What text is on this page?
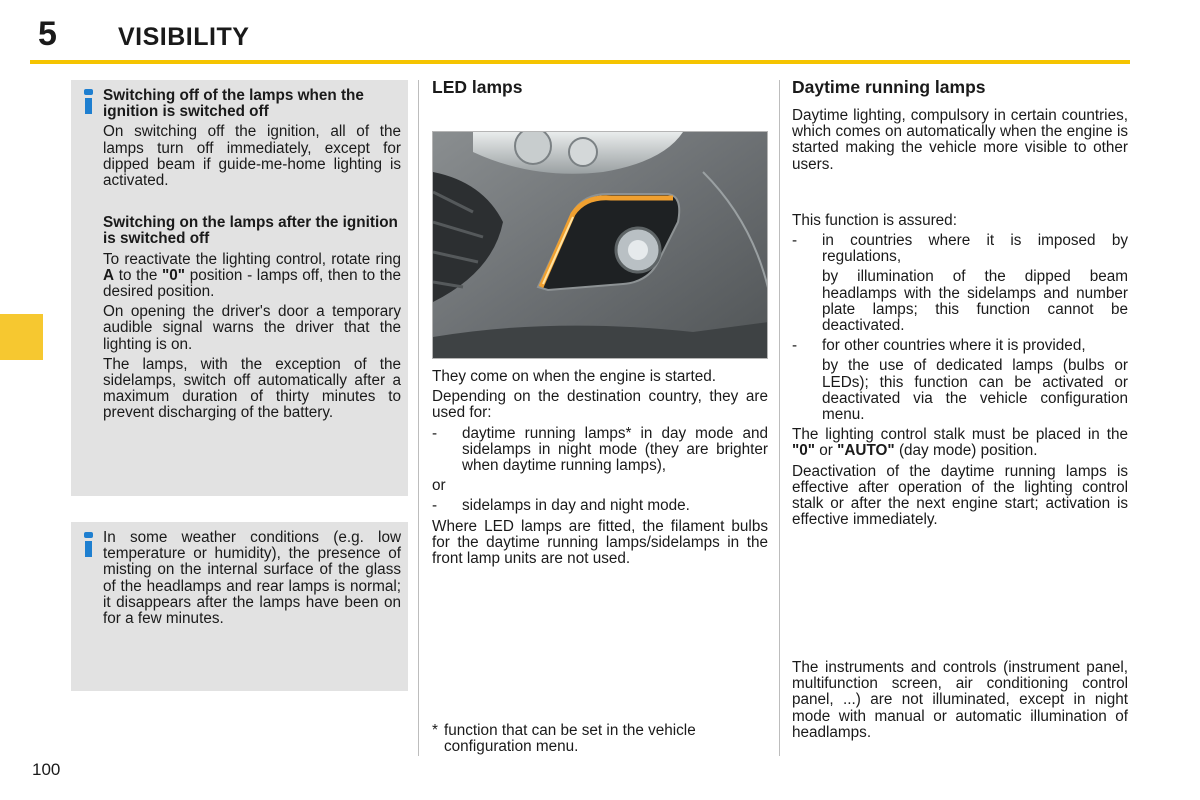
5 VISIBILITY

Switching off of the lamps when the ignition is switched off

On switching off the ignition, all of the lamps turn off immediately, except for dipped beam if guide-me-home lighting is activated.

Switching on the lamps after the ignition is switched off

To reactivate the lighting control, rotate ring A to the "0" position - lamps off, then to the desired position.

On opening the driver's door a temporary audible signal warns the driver that the lighting is on.

The lamps, with the exception of the sidelamps, switch off automatically after a maximum duration of thirty minutes to prevent discharging of the battery.

In some weather conditions (e.g. low temperature or humidity), the presence of misting on the internal surface of the glass of the headlamps and rear lamps is normal; it disappears after the lamps have been on for a few minutes.

LED lamps

They come on when the engine is started.

Depending on the destination country, they are used for:

-	daytime running lamps* in day mode and sidelamps in night mode (they are brighter when daytime running lamps),

or

-	sidelamps in day and night mode.

Where LED lamps are fitted, the filament bulbs for the daytime running lamps/sidelamps in the front lamp units are not used.

* function that can be set in the vehicle configuration menu.
Daytime running lamps

Daytime lighting, compulsory in certain countries, which comes on automatically when the engine is started making the vehicle more visible to other users.

This function is assured:

-	in countries where it is imposed by regulations,

by illumination of the dipped beam headlamps with the sidelamps and number plate lamps; this function cannot be deactivated.

-	for other countries where it is provided,

by the use of dedicated lamps (bulbs or LEDs); this function can be activated or deactivated via the vehicle configuration menu.

The lighting control stalk must be placed in the "0" or "AUTO" (day mode) position.

Deactivation of the daytime running lamps is effective after operation of the lighting control stalk or after the next engine start; activation is effective immediately.

The instruments and controls (instrument panel, multifunction screen, air conditioning control panel, ...) are not illuminated, except in night mode with manual or automatic illumination of headlamps.

100
